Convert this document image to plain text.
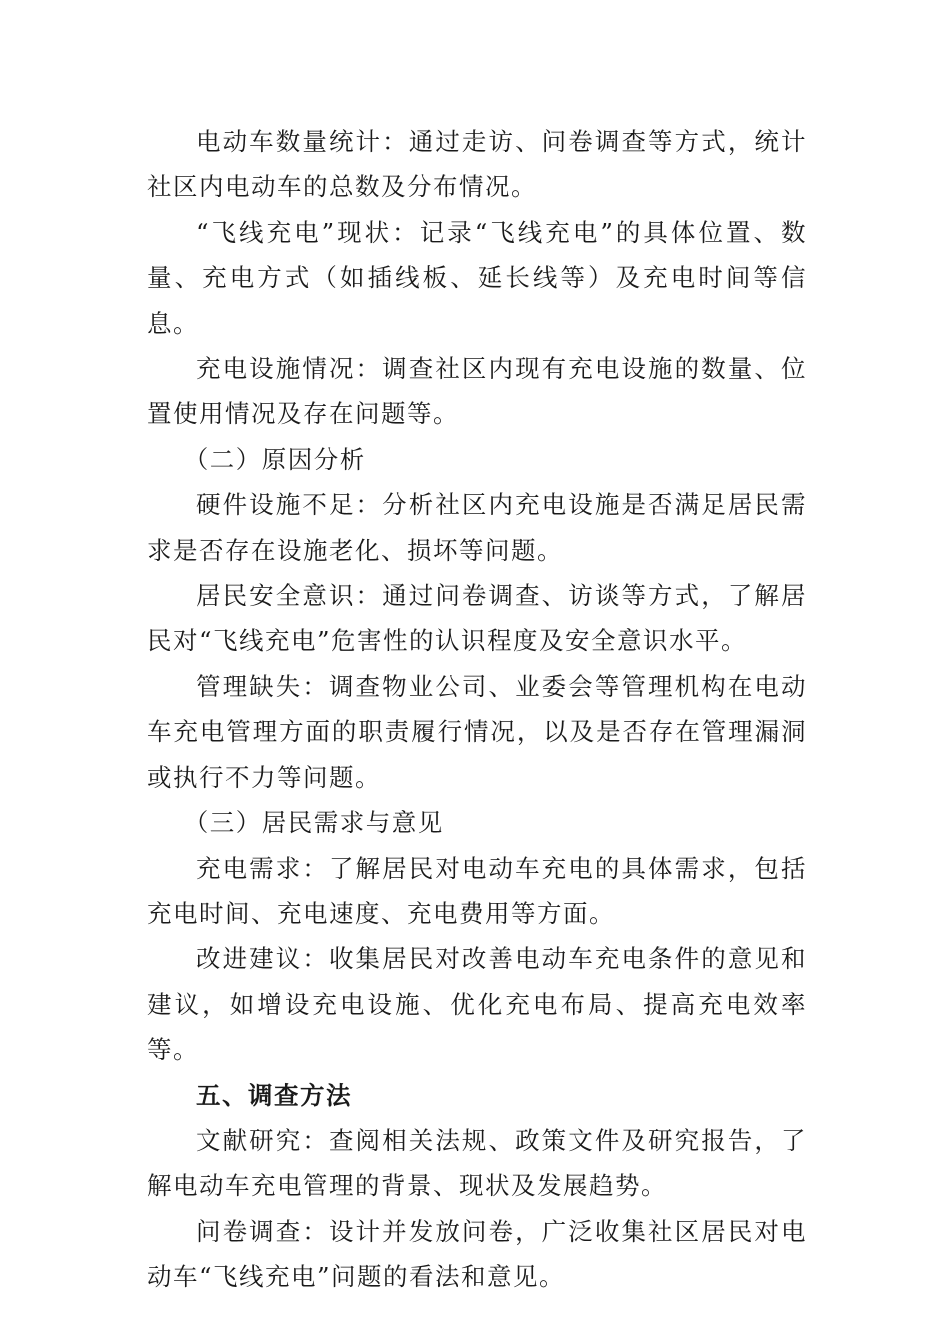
电动车数量统计：通过走访、问卷调查等方式，统计社区内电动车的总数及分布情况。

“飞线充电”现状：记录“飞线充电”的具体位置、数量、充电方式（如插线板、延长线等）及充电时间等信息。

充电设施情况：调查社区内现有充电设施的数量、位置使用情况及存在问题等。

（二）原因分析

硬件设施不足：分析社区内充电设施是否满足居民需求是否存在设施老化、损坏等问题。

居民安全意识：通过问卷调查、访谈等方式，了解居民对“飞线充电”危害性的认识程度及安全意识水平。

管理缺失：调查物业公司、业委会等管理机构在电动车充电管理方面的职责履行情况，以及是否存在管理漏洞或执行不力等问题。

（三）居民需求与意见

充电需求：了解居民对电动车充电的具体需求，包括充电时间、充电速度、充电费用等方面。

改进建议：收集居民对改善电动车充电条件的意见和建议，如增设充电设施、优化充电布局、提高充电效率等。

五、调查方法

文献研究：查阅相关法规、政策文件及研究报告，了解电动车充电管理的背景、现状及发展趋势。

问卷调查：设计并发放问卷，广泛收集社区居民对电动车“飞线充电”问题的看法和意见。
